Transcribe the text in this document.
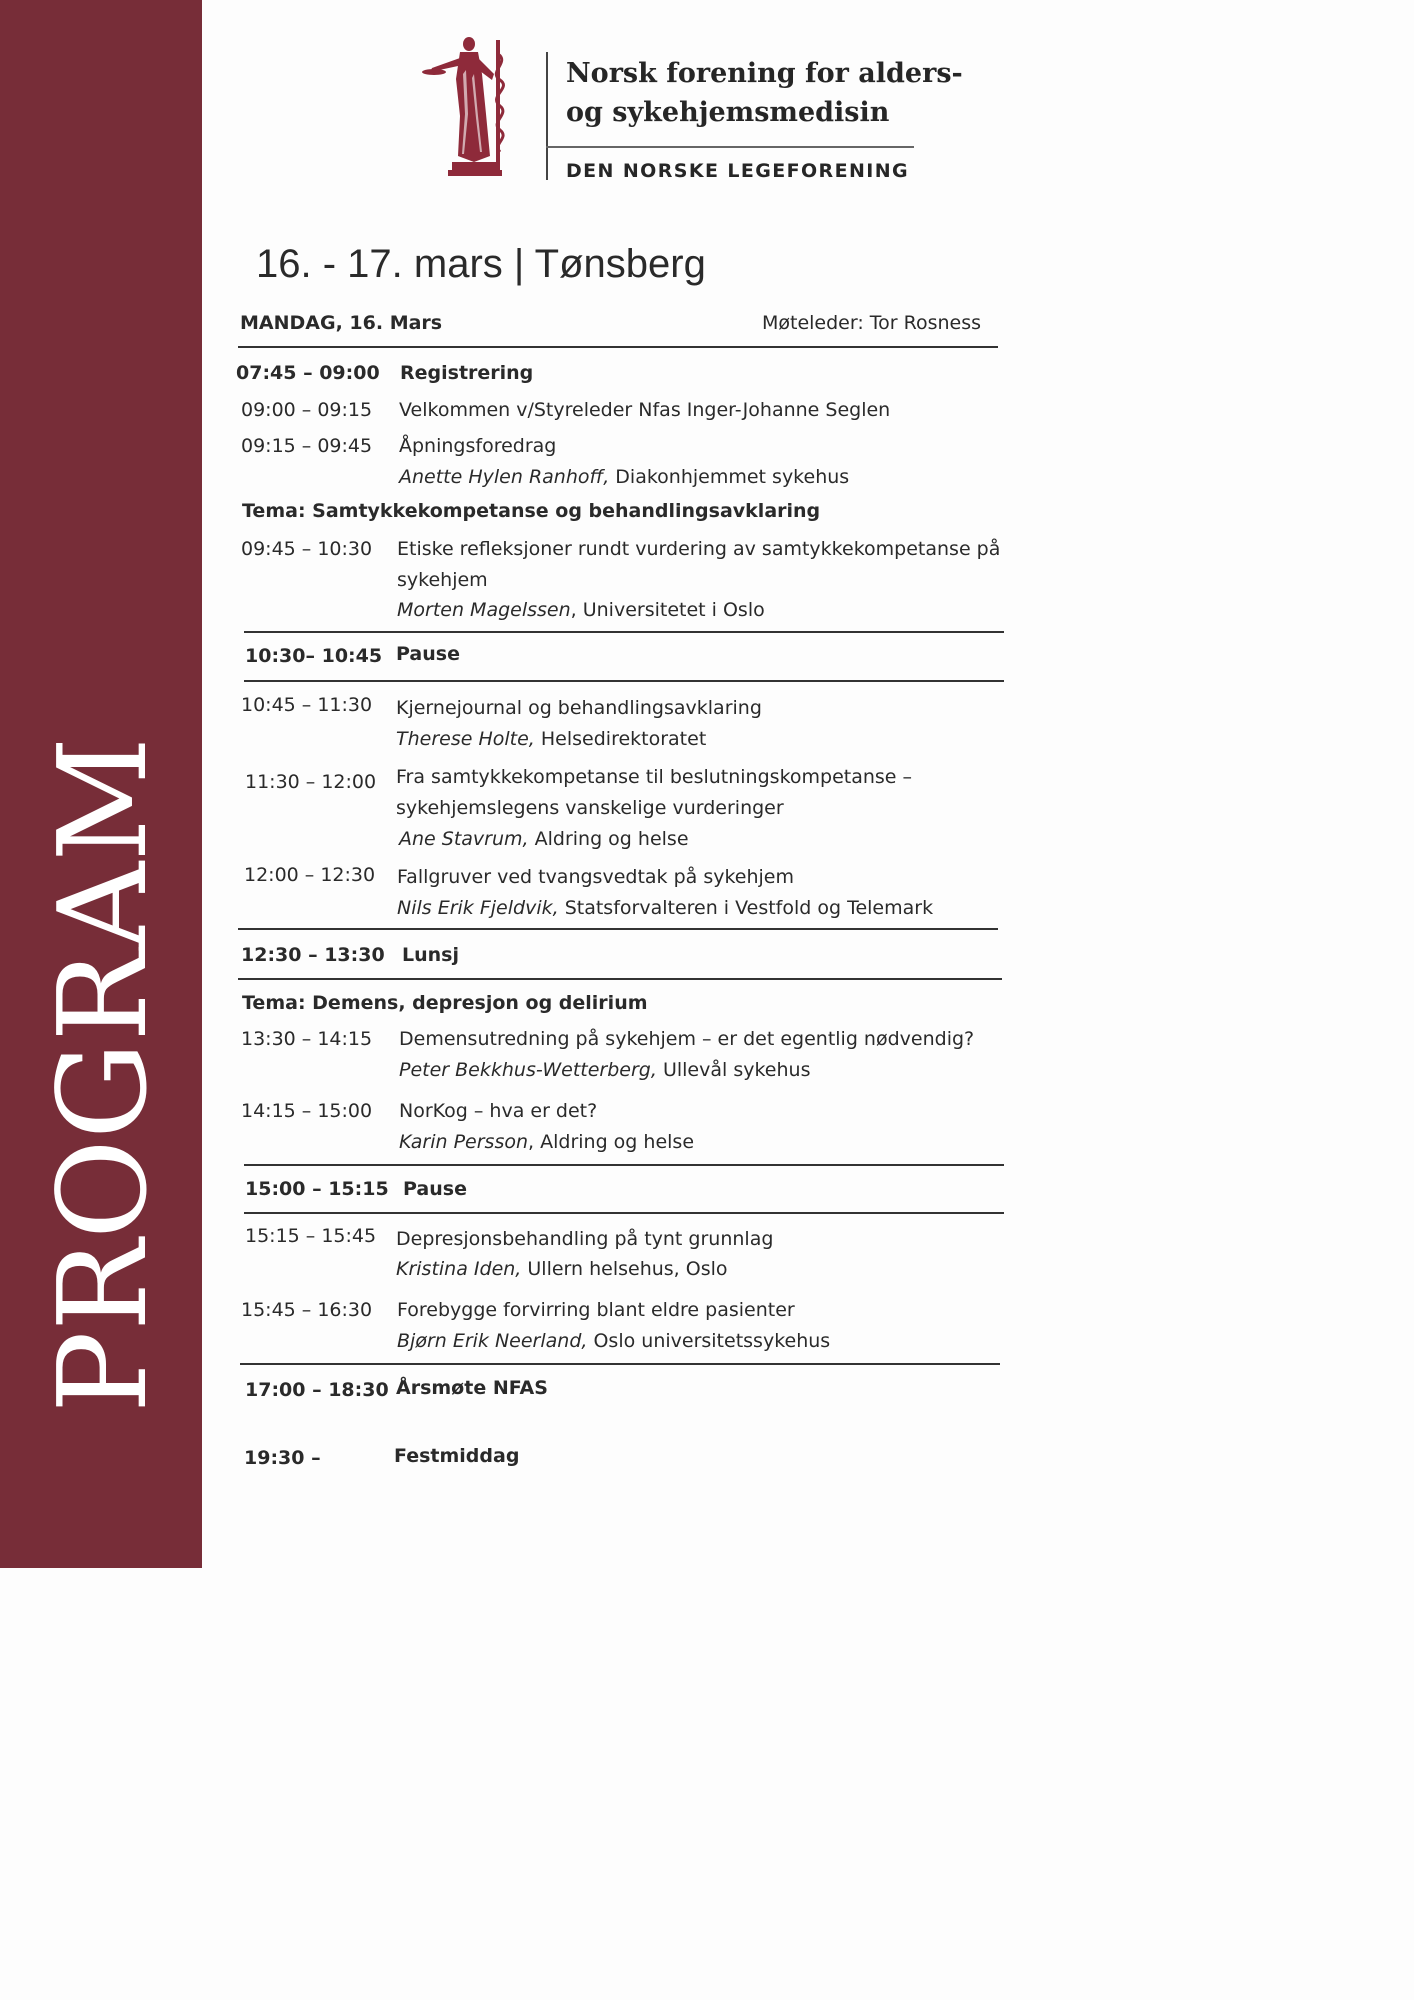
PROGRAM
Norsk forening for alders-
og sykehjemsmedisin
DEN NORSKE LEGEFORENING
16. - 17. mars | Tønsberg
MANDAG, 16. Mars	Møteleder: Tor Rosness
07:45 – 09:00 Registrering
09:00 – 09:15 Velkommen v/Styreleder Nfas Inger-Johanne Seglen
09:15 – 09:45 Åpningsforedrag
Anette Hylen Ranhoff, Diakonhjemmet sykehus
Tema: Samtykkekompetanse og behandlingsavklaring
09:45 – 10:30 Etiske refleksjoner rundt vurdering av samtykkekompetanse på
sykehjem
Morten Magelssen, Universitetet i Oslo
10:30– 10:45 Pause
10:45 – 11:30 Kjernejournal og behandlingsavklaring
Therese Holte, Helsedirektoratet
11:30 – 12:00 Fra samtykkekompetanse til beslutningskompetanse –
sykehjemslegens vanskelige vurderinger
Ane Stavrum, Aldring og helse
12:00 – 12:30 Fallgruver ved tvangsvedtak på sykehjem
Nils Erik Fjeldvik, Statsforvalteren i Vestfold og Telemark
12:30 – 13:30 Lunsj
Tema: Demens, depresjon og delirium
13:30 – 14:15 Demensutredning på sykehjem – er det egentlig nødvendig?
Peter Bekkhus-Wetterberg, Ullevål sykehus
14:15 – 15:00 NorKog – hva er det?
Karin Persson, Aldring og helse
15:00 – 15:15 Pause
15:15 – 15:45 Depresjonsbehandling på tynt grunnlag
Kristina Iden, Ullern helsehus, Oslo
15:45 – 16:30 Forebygge forvirring blant eldre pasienter
Bjørn Erik Neerland, Oslo universitetssykehus
17:00 – 18:30 Årsmøte NFAS
19:30 –	Festmiddag
